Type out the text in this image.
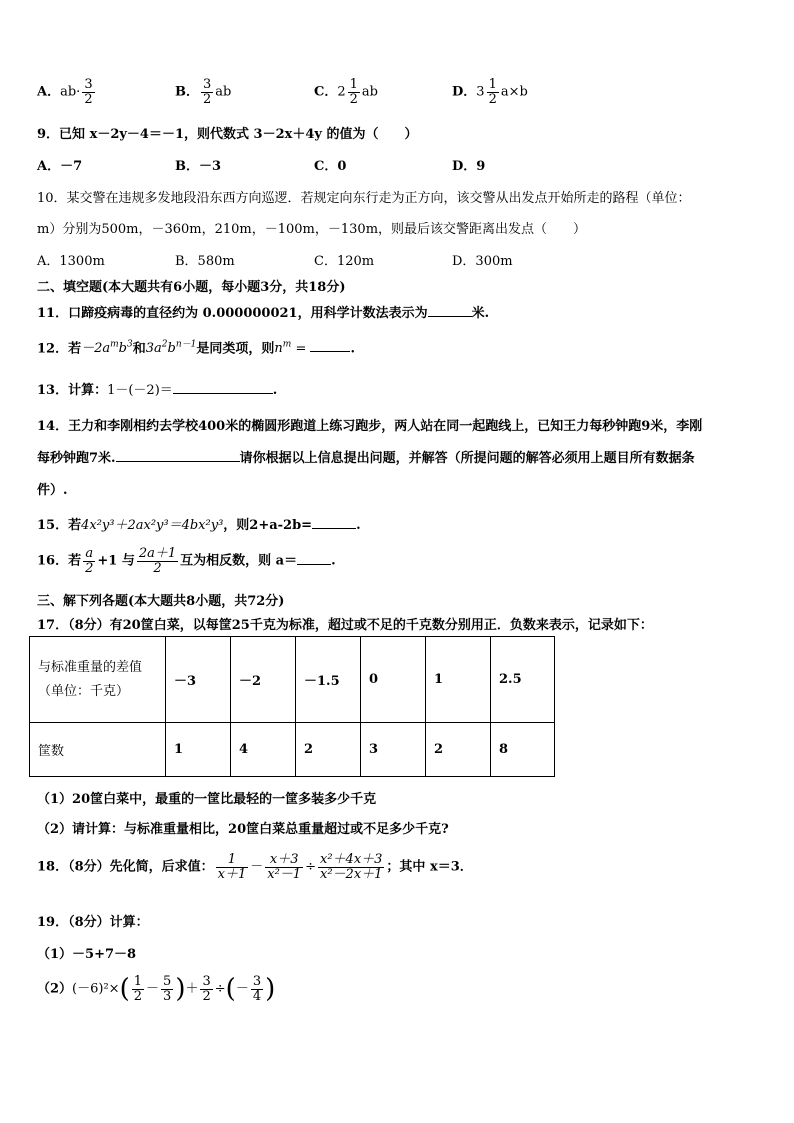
A．$ab\cdot \frac{3}{2}$	B． $\frac{3}{2}$ ab	C．$2 \frac{1}{2}$ ab	D．$3 \frac{1}{2} a\times b$
9．已知 x－2y－4＝－1，则代数式 3－2x＋4y 的值为（　　）
A．－7	B．－3	C．0	D．9
10．某交警在违规多发地段沿东西方向巡逻．若规定向东行走为正方向，该交警从出发点开始所走的路程（单位：
m）分别为500m，－360m，210m，－100m，－130m，则最后该交警距离出发点（　　）
A．1300m	B．580m	C．120m	D．300m
二、填空题(本大题共有6小题，每小题3分，共18分)
11．口蹄疫病毒的直径约为 0.000000021，用科学计数法表示为	米.
12．若$-2a^mb^3$和$3a^2b^{n-1}$是同类项，则$n^m$ =	.
13．计算：1－(－2)＝	.
14．王力和李刚相约去学校400米的椭圆形跑道上练习跑步，两人站在同一起跑线上，已知王力每秒钟跑9米，李刚
每秒钟跑7米.	请你根据以上信息提出问题，并解答（所提问题的解答必须用上题目所有数据条
件）.
15．若4x²y³＋2ax²y³＝4bx²y³，则2+a-2b=	.
16．若 $\frac{a}{2} +1$ 与 $\frac{2a+1}{2}$ 互为相反数，则 a＝	.
三、解下列各题(本大题共8小题，共72分)
17．（8分）有20筐白菜，以每筐25千克为标准，超过或不足的千克数分别用正．负数来表示，记录如下：
与标准重量的差值
（单位：千克）	－3	－2	－1.5	0	1	2.5
筐数	1	4	2	3	2	8
（1）20筐白菜中，最重的一筐比最轻的一筐多装多少千克
（2）请计算：与标准重量相比，20筐白菜总重量超过或不足多少千克?
18．（8分）先化简，后求值： $\frac{1}{x+1} - \frac{x+3}{\text{x²－1}} \div \frac{\text{x²＋4x＋3}}{\text{x²－2x＋1}}$ ；其中 x＝3．
19．（8分）计算：
（1）－5+7－8
$(2)(-6)^2\times( \frac{1}{2} - \frac{5}{3}$ )＋ $\frac{3}{2}$ ÷(－ $\frac{3}{4}$ )
